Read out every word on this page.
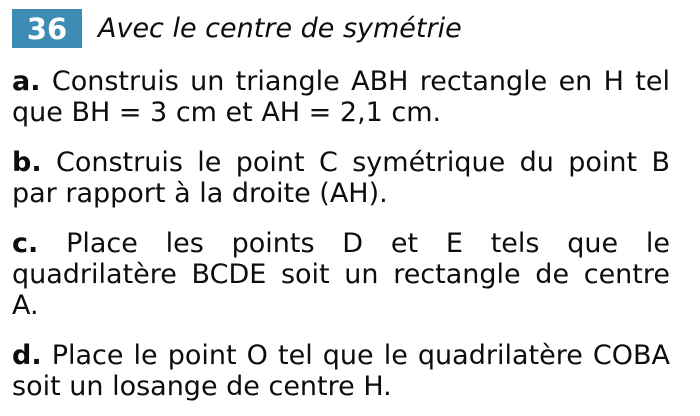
36	Avec le centre de symétrie

a. Construis un triangle ABH rectangle en H tel
que BH = 3 cm et AH = 2,1 cm.

b. Construis le point C symétrique du point B
par rapport à la droite (AH).

c. Place les points D et E tels que le
quadrilatère BCDE soit un rectangle de centre
A.

d. Place le point O tel que le quadrilatère COBA
soit un losange de centre H.
